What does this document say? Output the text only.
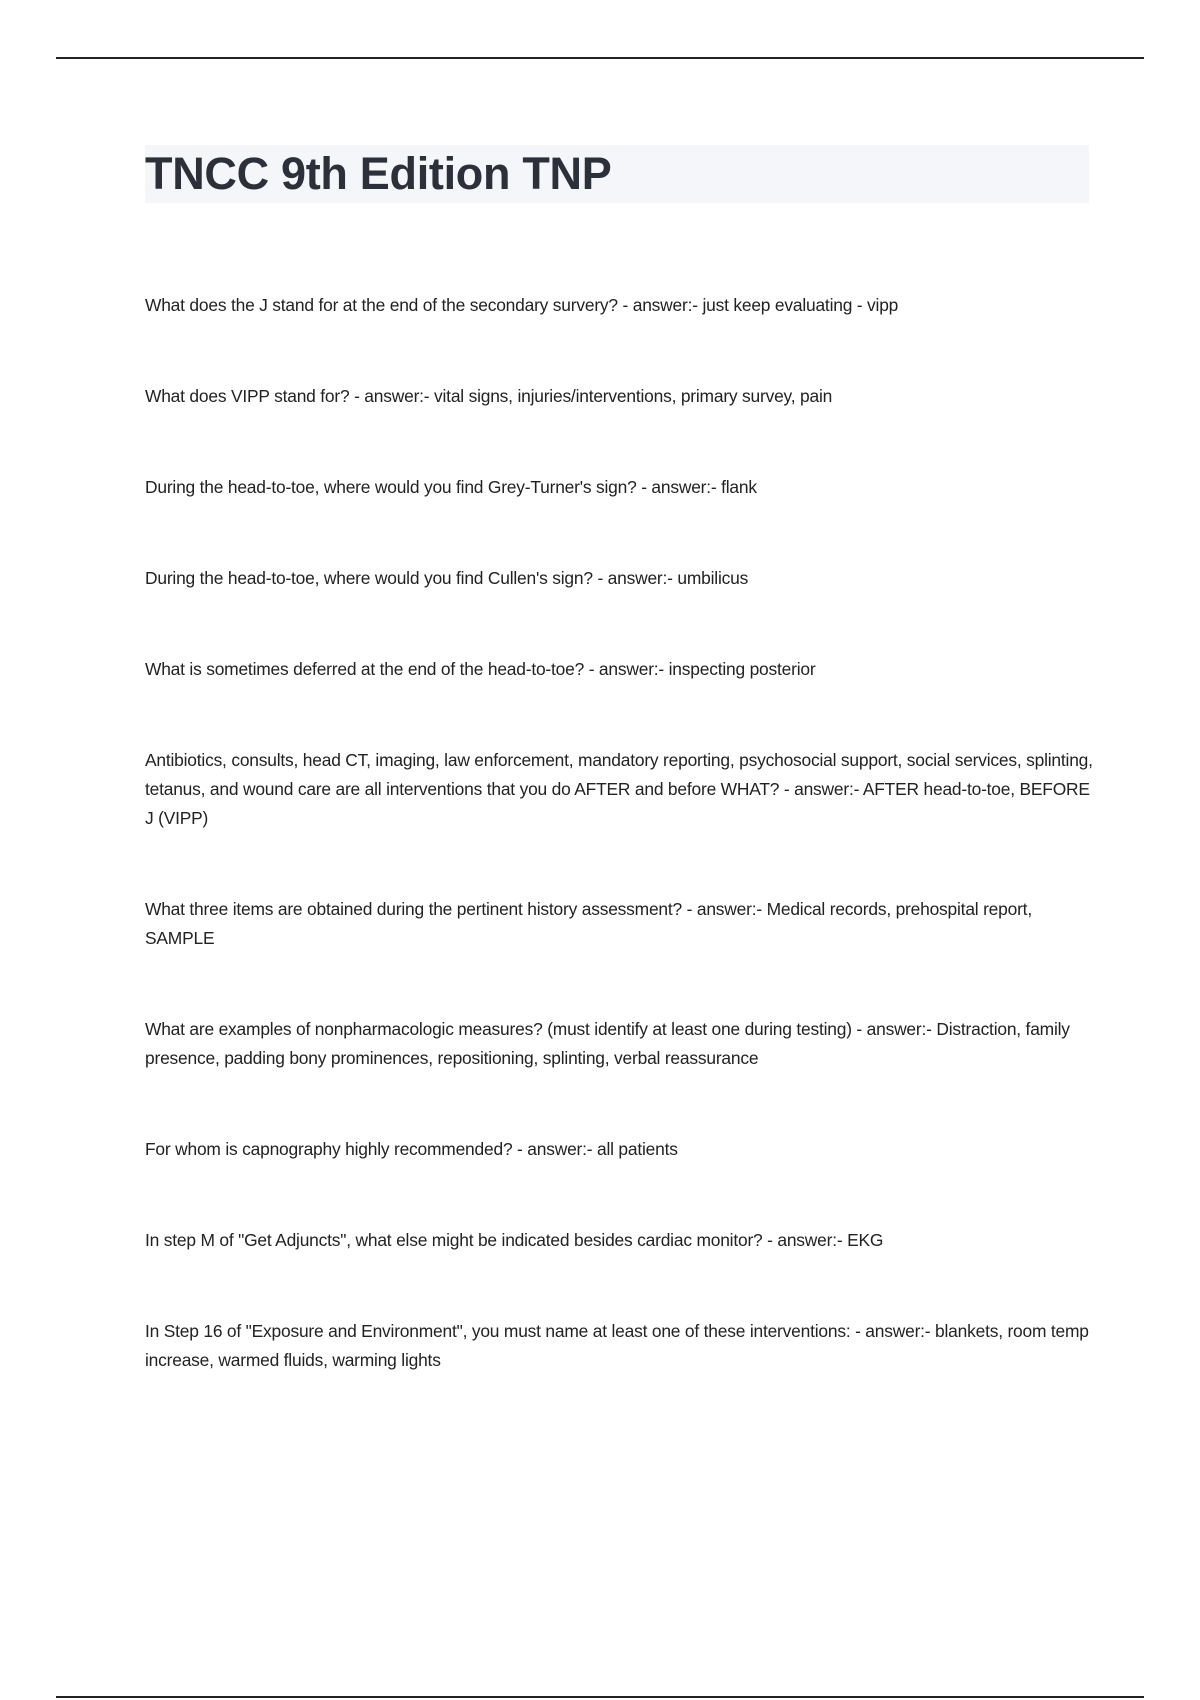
TNCC 9th Edition TNP

What does the J stand for at the end of the secondary survery? - answer:- just keep evaluating - vipp

What does VIPP stand for? - answer:- vital signs, injuries/interventions, primary survey, pain

During the head-to-toe, where would you find Grey-Turner's sign? - answer:- flank

During the head-to-toe, where would you find Cullen's sign? - answer:- umbilicus

What is sometimes deferred at the end of the head-to-toe? - answer:- inspecting posterior

Antibiotics, consults, head CT, imaging, law enforcement, mandatory reporting, psychosocial support, social services, splinting, tetanus, and wound care are all interventions that you do AFTER and before WHAT? - answer:- AFTER head-to-toe, BEFORE J (VIPP)

What three items are obtained during the pertinent history assessment? - answer:- Medical records, prehospital report, SAMPLE

What are examples of nonpharmacologic measures? (must identify at least one during testing) - answer:- Distraction, family presence, padding bony prominences, repositioning, splinting, verbal reassurance

For whom is capnography highly recommended? - answer:- all patients

In step M of "Get Adjuncts", what else might be indicated besides cardiac monitor? - answer:- EKG

In Step 16 of "Exposure and Environment", you must name at least one of these interventions: - answer:- blankets, room temp increase, warmed fluids, warming lights
